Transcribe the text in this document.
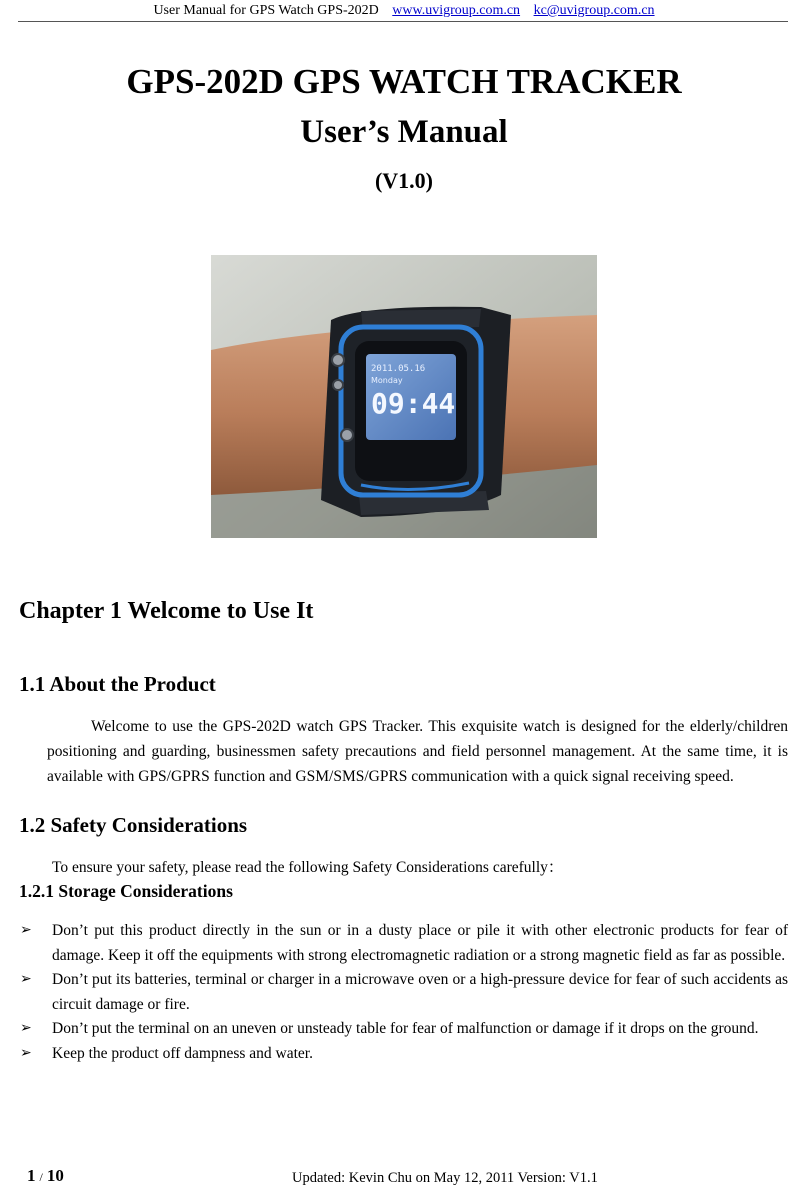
User Manual for GPS Watch GPS-202D www.uvigroup.com.cn kc@uvigroup.com.cn
GPS-202D GPS WATCH TRACKER
User’s Manual
(V1.0)
2011.05.16
Monday
09:44
Chapter 1 Welcome to Use It
1.1 About the Product
Welcome to use the GPS-202D watch GPS Tracker. This exquisite watch is designed for the elderly/children positioning and guarding, businessmen safety precautions and field personnel management. At the same time, it is available with GPS/GPRS function and GSM/SMS/GPRS communication with a quick signal receiving speed.
1.2 Safety Considerations
To ensure your safety, please read the following Safety Considerations carefully：
1.2.1 Storage Considerations
➢ Don’t put this product directly in the sun or in a dusty place or pile it with other electronic products for fear of damage. Keep it off the equipments with strong electromagnetic radiation or a strong magnetic field as far as possible.
➢ Don’t put its batteries, terminal or charger in a microwave oven or a high-pressure device for fear of such accidents as circuit damage or fire.
➢ Don’t put the terminal on an uneven or unsteady table for fear of malfunction or damage if it drops on the ground.
➢ Keep the product off dampness and water.
1 / 10	Updated: Kevin Chu on May 12, 2011 Version: V1.1
